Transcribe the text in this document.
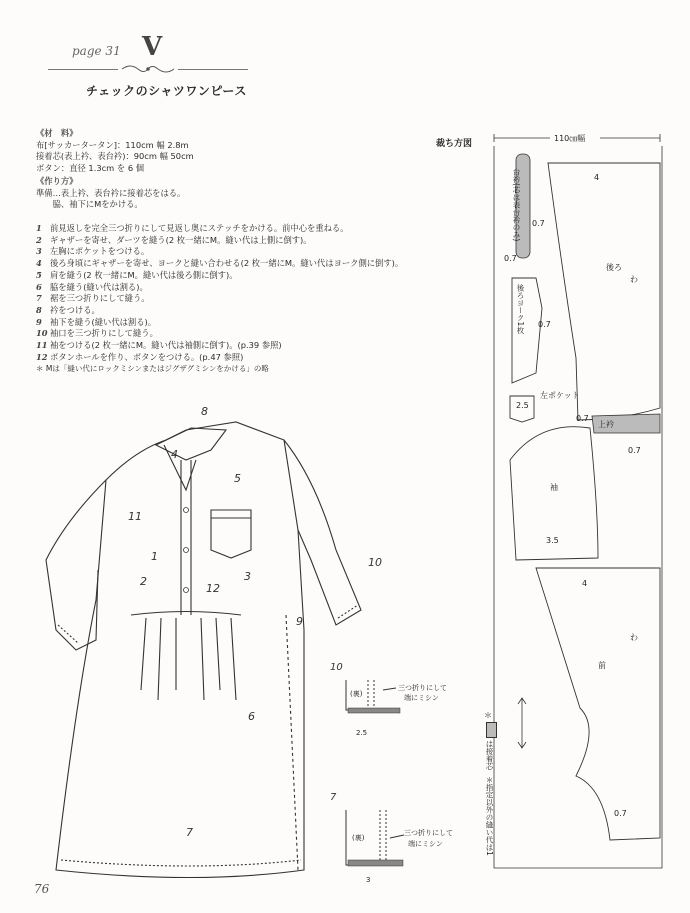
page 31 V
チェックのシャツワンピース
《材　料》
布[サッカータータン]：110cm 幅 2.8m
接着芯(表上衿、表台衿)：90cm 幅 50cm
ボタン：直径 1.3cm を 6 個
《作り方》
準備…表上衿、表台衿に接着芯をはる。
　　脇、袖下にMをかける。
1 前見返しを完全三つ折りにして見返し奥にステッチをかける。前中心を重ねる。
2 ギャザーを寄せ、ダーツを縫う(2 枚一緒にM。縫い代は上側に倒す)。
3 左胸にポケットをつける。
4 後ろ身頃にギャザーを寄せ、ヨークと縫い合わせる(2 枚一緒にM。縫い代はヨーク側に倒す)。
5 肩を縫う(2 枚一緒にM。縫い代は後ろ側に倒す)。
6 脇を縫う(縫い代は割る)。
7 裾を三つ折りにして縫う。
8 衿をつける。
9 袖下を縫う(縫い代は割る)。
10 袖口を三つ折りにして縫う。
11 袖をつける(2 枚一緒にM。縫い代は袖側に倒す)。(p.39 参照)
12 ボタンホールを作り、ボタンをつける。(p.47 参照)
＊ Mは「縫い代にロックミシンまたはジグザグミシンをかける」の略
8
4
5
11
1
3
2
12
10
9
6
7
10
(裏)
三つ折りにして
端にミシン
2.5
7
(裏)
三つ折りにして
端にミシン
3
裁ち方図
110㎝幅
4
0.7
0.7
後ろ
わ
0.7
2.5
左ポケット
0.7
上衿
0.7
袖
3.5
4
わ
前
0.7
台衿(芯は表台衿のみ)
後ろヨーク1枚
＊
は接着芯
＊指定以外の縫い代は1
76
